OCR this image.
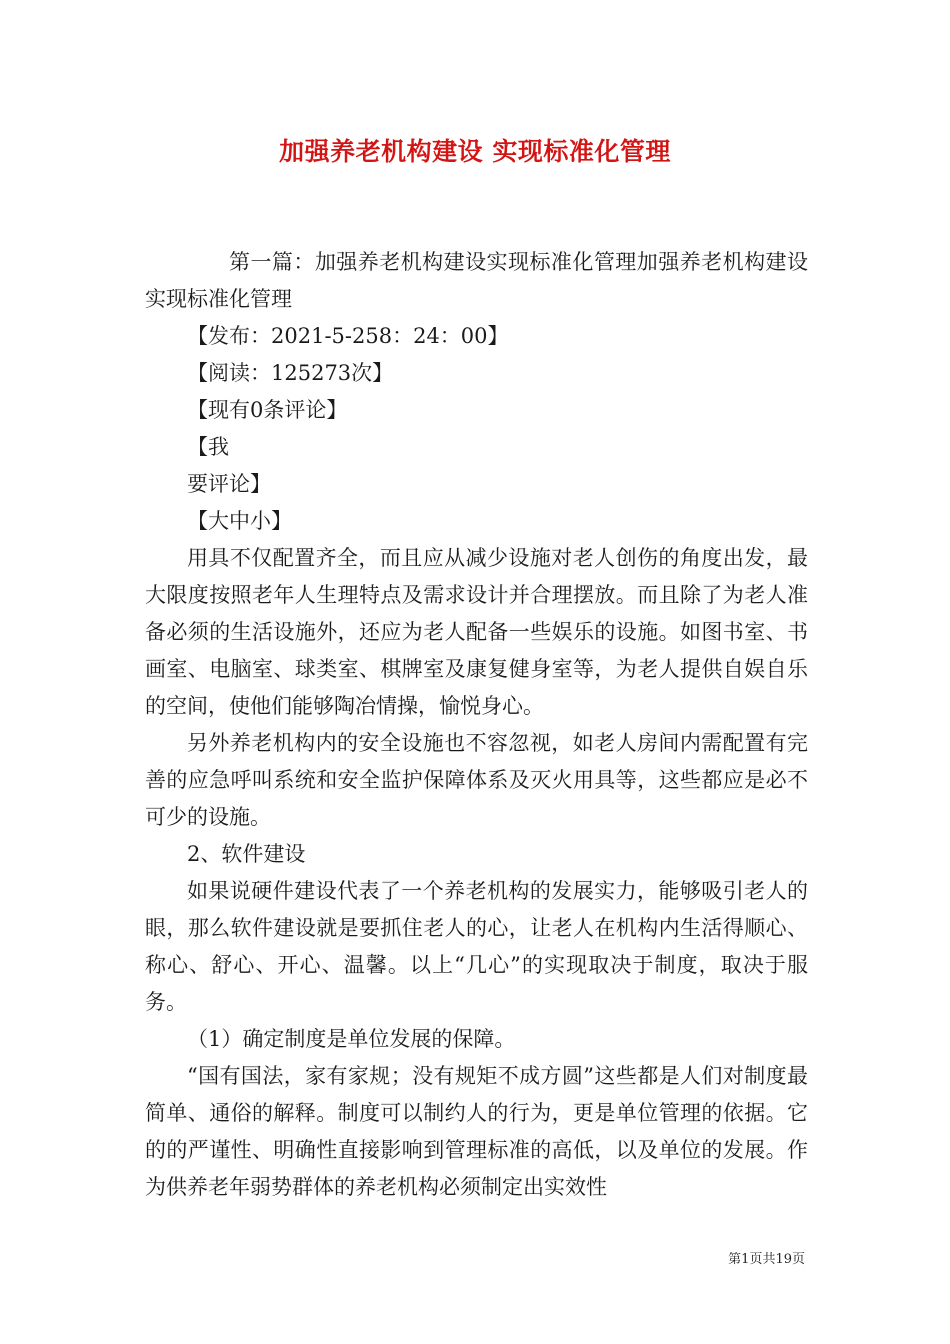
加强养老机构建设 实现标准化管理

第一篇：加强养老机构建设实现标准化管理加强养老机构建设实现标准化管理

【发布：2021-5-258：24：00】

【阅读：125273次】

【现有0条评论】

【我

要评论】

【大中小】

用具不仅配置齐全，而且应从减少设施对老人创伤的角度出发，最大限度按照老年人生理特点及需求设计并合理摆放。而且除了为老人准备必须的生活设施外，还应为老人配备一些娱乐的设施。如图书室、书画室、电脑室、球类室、棋牌室及康复健身室等，为老人提供自娱自乐的空间，使他们能够陶冶情操，愉悦身心。

另外养老机构内的安全设施也不容忽视，如老人房间内需配置有完善的应急呼叫系统和安全监护保障体系及灭火用具等，这些都应是必不可少的设施。

2、软件建设

如果说硬件建设代表了一个养老机构的发展实力，能够吸引老人的眼，那么软件建设就是要抓住老人的心，让老人在机构内生活得顺心、称心、舒心、开心、温馨。以上“几心”的实现取决于制度，取决于服务。

（1）确定制度是单位发展的保障。

“国有国法，家有家规；没有规矩不成方圆”这些都是人们对制度最简单、通俗的解释。制度可以制约人的行为，更是单位管理的依据。它的的严谨性、明确性直接影响到管理标准的高低，以及单位的发展。作为供养老年弱势群体的养老机构必须制定出实效性

第1页共19页
